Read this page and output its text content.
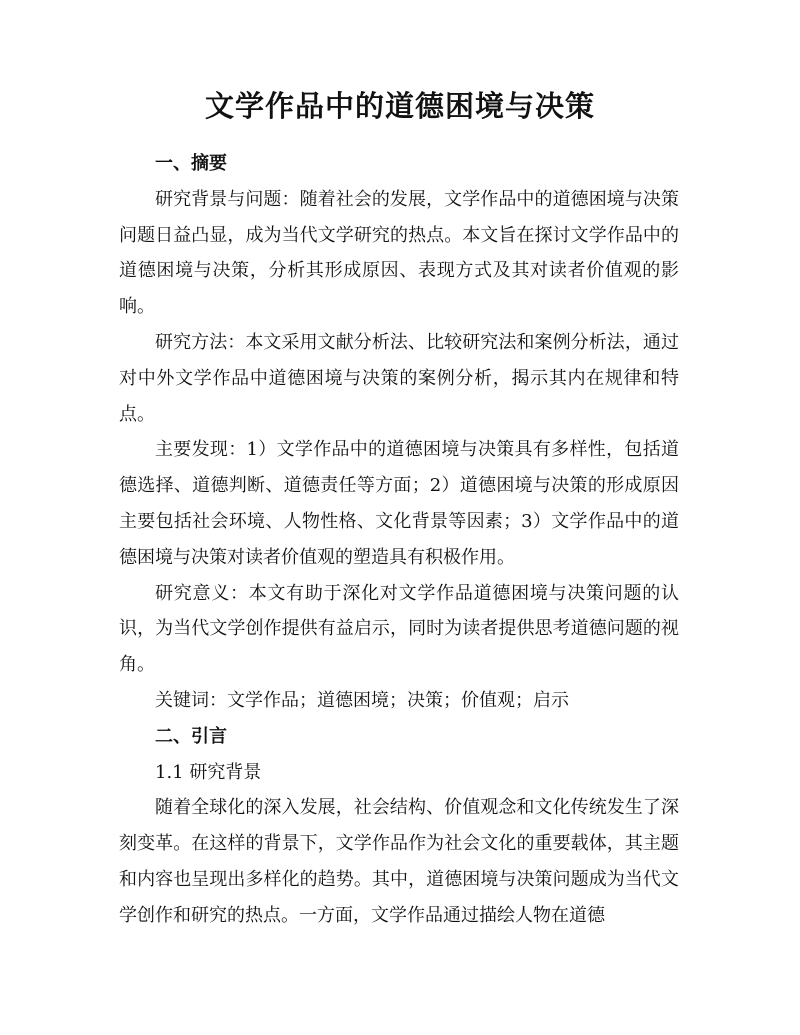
文学作品中的道德困境与决策
一、摘要

研究背景与问题：随着社会的发展，文学作品中的道德困境与决策问题日益凸显，成为当代文学研究的热点。本文旨在探讨文学作品中的道德困境与决策，分析其形成原因、表现方式及其对读者价值观的影响。

研究方法：本文采用文献分析法、比较研究法和案例分析法，通过对中外文学作品中道德困境与决策的案例分析，揭示其内在规律和特点。

主要发现：1）文学作品中的道德困境与决策具有多样性，包括道德选择、道德判断、道德责任等方面；2）道德困境与决策的形成原因主要包括社会环境、人物性格、文化背景等因素；3）文学作品中的道德困境与决策对读者价值观的塑造具有积极作用。

研究意义：本文有助于深化对文学作品道德困境与决策问题的认识，为当代文学创作提供有益启示，同时为读者提供思考道德问题的视角。

关键词：文学作品；道德困境；决策；价值观；启示

二、引言

1.1 研究背景

随着全球化的深入发展，社会结构、价值观念和文化传统发生了深刻变革。在这样的背景下，文学作品作为社会文化的重要载体，其主题和内容也呈现出多样化的趋势。其中，道德困境与决策问题成为当代文学创作和研究的热点。一方面，文学作品通过描绘人物在道德
